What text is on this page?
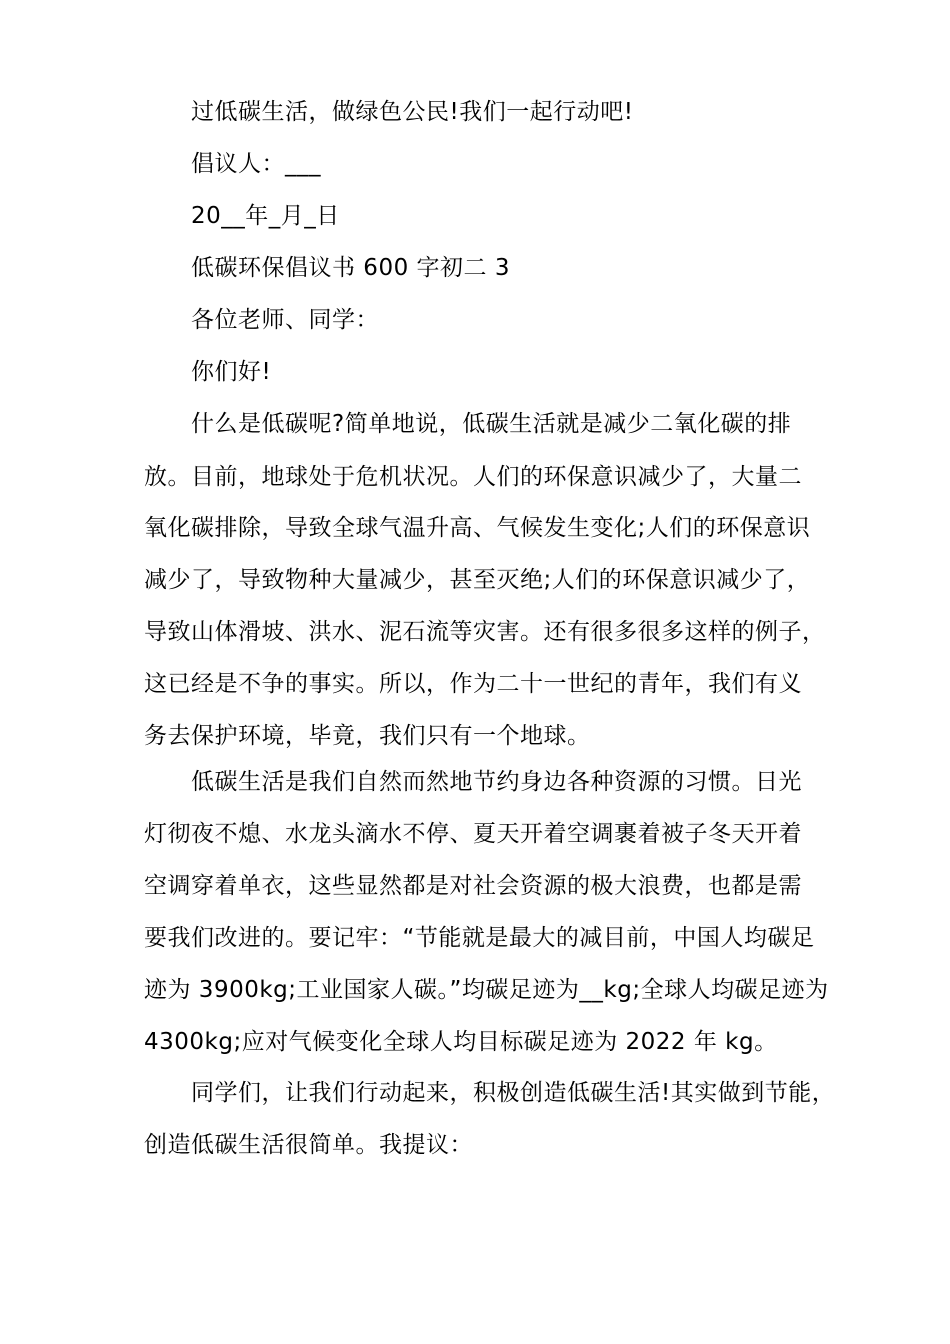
过低碳生活，做绿色公民!我们一起行动吧!
倡议人：___
20__年_月_日
低碳环保倡议书 600 字初二 3
各位老师、同学：
你们好!
什么是低碳呢?简单地说，低碳生活就是减少二氧化碳的排
放。目前，地球处于危机状况。人们的环保意识减少了，大量二
氧化碳排除，导致全球气温升高、气候发生变化;人们的环保意识
减少了，导致物种大量减少，甚至灭绝;人们的环保意识减少了，
导致山体滑坡、洪水、泥石流等灾害。还有很多很多这样的例子，
这已经是不争的事实。所以，作为二十一世纪的青年，我们有义
务去保护环境，毕竟，我们只有一个地球。
低碳生活是我们自然而然地节约身边各种资源的习惯。日光
灯彻夜不熄、水龙头滴水不停、夏天开着空调裹着被子冬天开着
空调穿着单衣，这些显然都是对社会资源的极大浪费，也都是需
要我们改进的。要记牢：“节能就是最大的减目前，中国人均碳足
迹为 3900kg;工业国家人碳。”均碳足迹为__kg;全球人均碳足迹为
4300kg;应对气候变化全球人均目标碳足迹为 2022 年 kg。
同学们，让我们行动起来，积极创造低碳生活!其实做到节能，
创造低碳生活很简单。我提议：
